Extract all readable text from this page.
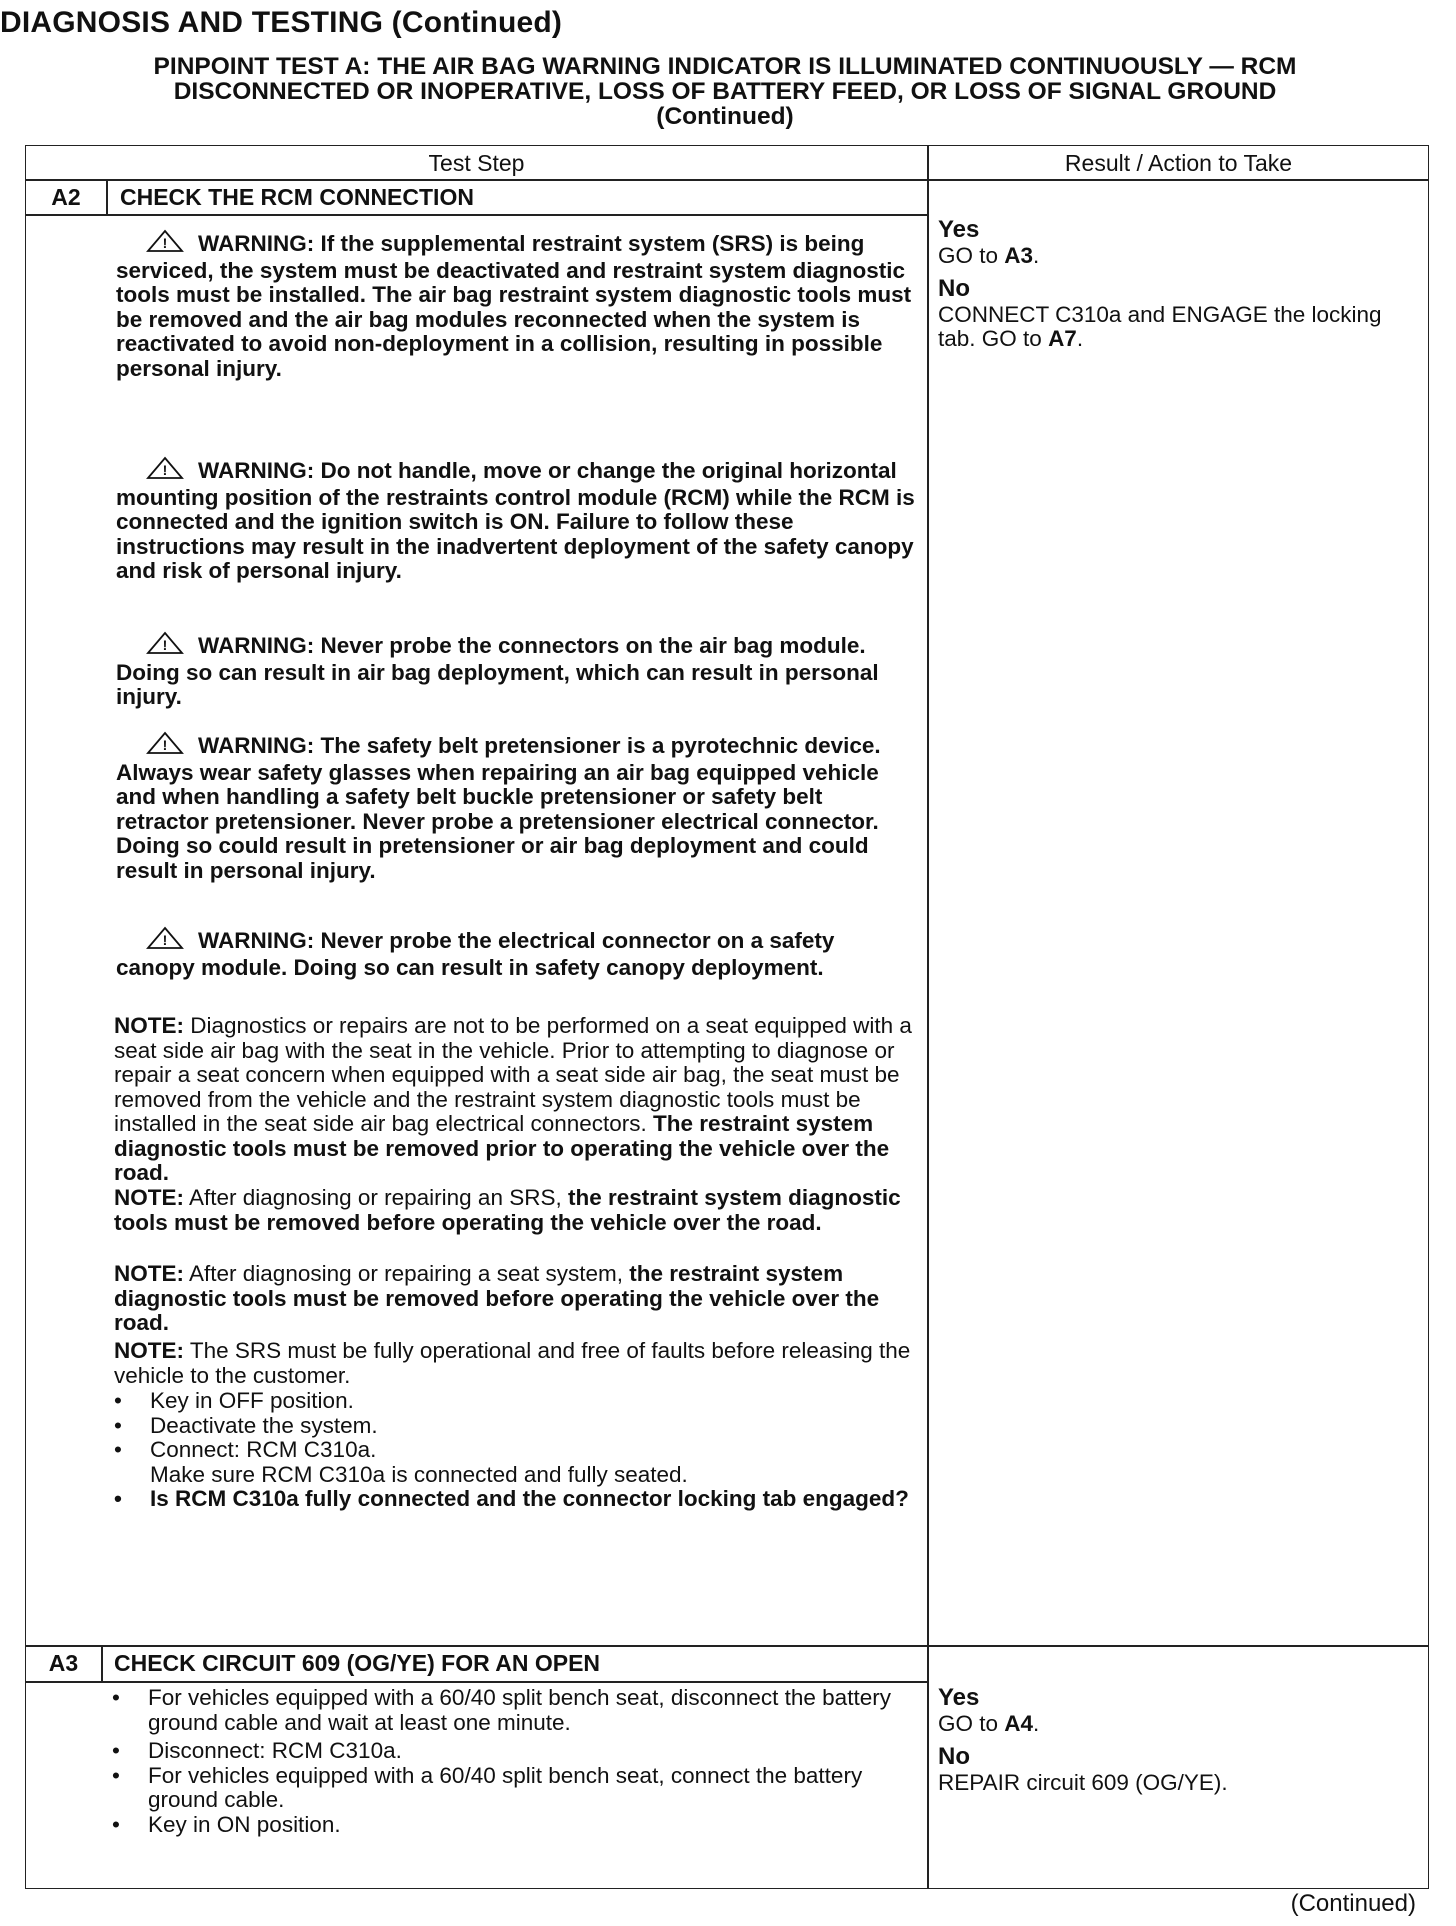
DIAGNOSIS AND TESTING (Continued)
PINPOINT TEST A: THE AIR BAG WARNING INDICATOR IS ILLUMINATED CONTINUOUSLY — RCM
DISCONNECTED OR INOPERATIVE, LOSS OF BATTERY FEED, OR LOSS OF SIGNAL GROUND
(Continued)
Test Step	Result / Action to Take
A2	CHECK THE RCM CONNECTION
! WARNING: If the supplemental restraint system (SRS) is being serviced, the system must be deactivated and restraint system diagnostic tools must be installed. The air bag restraint system diagnostic tools must be removed and the air bag modules reconnected when the system is reactivated to avoid non-deployment in a collision, resulting in possible personal injury.
! WARNING: Do not handle, move or change the original horizontal mounting position of the restraints control module (RCM) while the RCM is connected and the ignition switch is ON. Failure to follow these instructions may result in the inadvertent deployment of the safety canopy and risk of personal injury.
! WARNING: Never probe the connectors on the air bag module. Doing so can result in air bag deployment, which can result in personal injury.
! WARNING: The safety belt pretensioner is a pyrotechnic device. Always wear safety glasses when repairing an air bag equipped vehicle and when handling a safety belt buckle pretensioner or safety belt retractor pretensioner. Never probe a pretensioner electrical connector. Doing so could result in pretensioner or air bag deployment and could result in personal injury.
! WARNING: Never probe the electrical connector on a safety canopy module. Doing so can result in safety canopy deployment.
NOTE: Diagnostics or repairs are not to be performed on a seat equipped with a seat side air bag with the seat in the vehicle. Prior to attempting to diagnose or repair a seat concern when equipped with a seat side air bag, the seat must be removed from the vehicle and the restraint system diagnostic tools must be installed in the seat side air bag electrical connectors. The restraint system diagnostic tools must be removed prior to operating the vehicle over the road.
NOTE: After diagnosing or repairing an SRS, the restraint system diagnostic tools must be removed before operating the vehicle over the road.
NOTE: After diagnosing or repairing a seat system, the restraint system diagnostic tools must be removed before operating the vehicle over the road.
NOTE: The SRS must be fully operational and free of faults before releasing the vehicle to the customer.
• Key in OFF position.
• Deactivate the system.
• Connect: RCM C310a.
Make sure RCM C310a is connected and fully seated.
• Is RCM C310a fully connected and the connector locking tab engaged?
Yes
GO to A3.
No
CONNECT C310a and ENGAGE the locking tab. GO to A7.
A3	CHECK CIRCUIT 609 (OG/YE) FOR AN OPEN
• For vehicles equipped with a 60/40 split bench seat, disconnect the battery ground cable and wait at least one minute.
• Disconnect: RCM C310a.
• For vehicles equipped with a 60/40 split bench seat, connect the battery ground cable.
• Key in ON position.
Yes
GO to A4.
No
REPAIR circuit 609 (OG/YE).
(Continued)
